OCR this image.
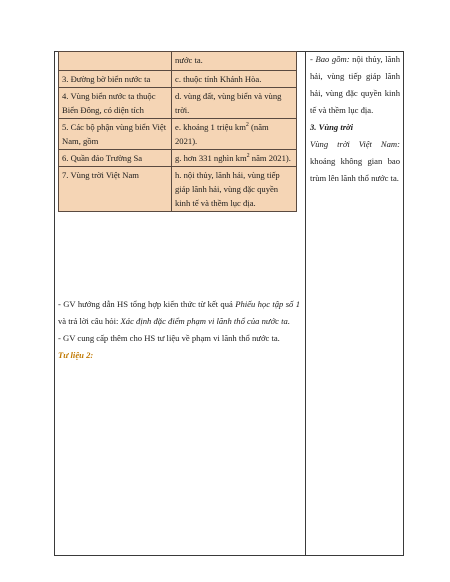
	nước ta.
3. Đường bờ biển nước ta	c. thuộc tỉnh Khánh Hòa.
4. Vùng biển nước ta thuộc Biển Đông, có diện tích	d. vùng đất, vùng biển và vùng trời.
5. Các bộ phận vùng biển Việt Nam, gồm	e. khoảng 1 triệu $km^2$ (năm 2021).
6. Quần đảo Trường Sa	g. hơn 331 nghìn $km^2$ năm 2021).
7. Vùng trời Việt Nam	h. nội thủy, lãnh hải, vùng tiếp giáp lãnh hải, vùng đặc quyền kinh tế và thềm lục địa.

- GV hướng dẫn HS tổng hợp kiến thức từ kết quả Phiếu học tập số 1 và trả lời câu hỏi: Xác định đặc điểm phạm vi lãnh thổ của nước ta.

- GV cung cấp thêm cho HS tư liệu về phạm vi lãnh thổ nước ta.

Tư liệu 2:

- Bao gồm: nội thủy, lãnh hải, vùng tiếp giáp lãnh hải, vùng đặc quyền kinh tế và thềm lục địa.

3. Vùng trời

Vùng trời Việt Nam: khoảng không gian bao trùm lên lãnh thổ nước ta.
